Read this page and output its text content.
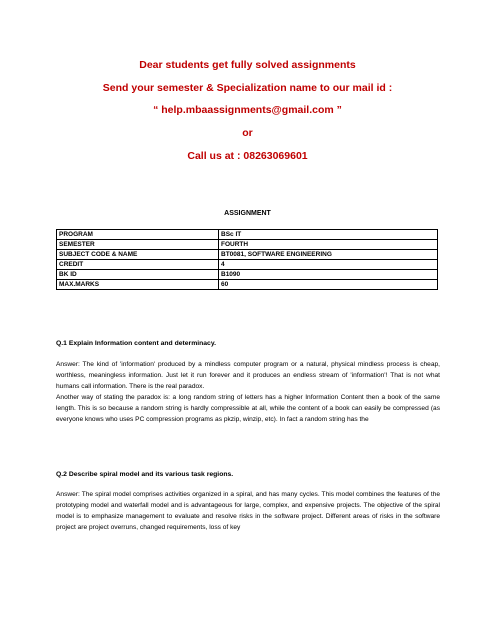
Dear students get fully solved assignments
Send your semester & Specialization name to our mail id :
“ help.mbaassignments@gmail.com ”
or
Call us at : 08263069601
ASSIGNMENT
PROGRAM	BSc IT
SEMESTER	FOURTH
SUBJECT CODE & NAME	BT0081, SOFTWARE ENGINEERING
CREDIT	4
BK ID	B1090
MAX.MARKS	60
Q.1 Explain Information content and determinacy.

Answer: The kind of 'information' produced by a mindless computer program or a natural, physical mindless process is cheap, worthless, meaningless information. Just let it run forever and it produces an endless stream of 'information'! That is not what humans call information. There is the real paradox.

Another way of stating the paradox is: a long random string of letters has a higher Information Content then a book of the same length. This is so because a random string is hardly compressible at all, while the content of a book can easily be compressed (as everyone knows who uses PC compression programs as pkzip, winzip, etc). In fact a random string has the

Q.2 Describe spiral model and its various task regions.

Answer: The spiral model comprises activities organized in a spiral, and has many cycles. This model combines the features of the prototyping model and waterfall model and is advantageous for large, complex, and expensive projects. The objective of the spiral model is to emphasize management to evaluate and resolve risks in the software project. Different areas of risks in the software project are project overruns, changed requirements, loss of key
